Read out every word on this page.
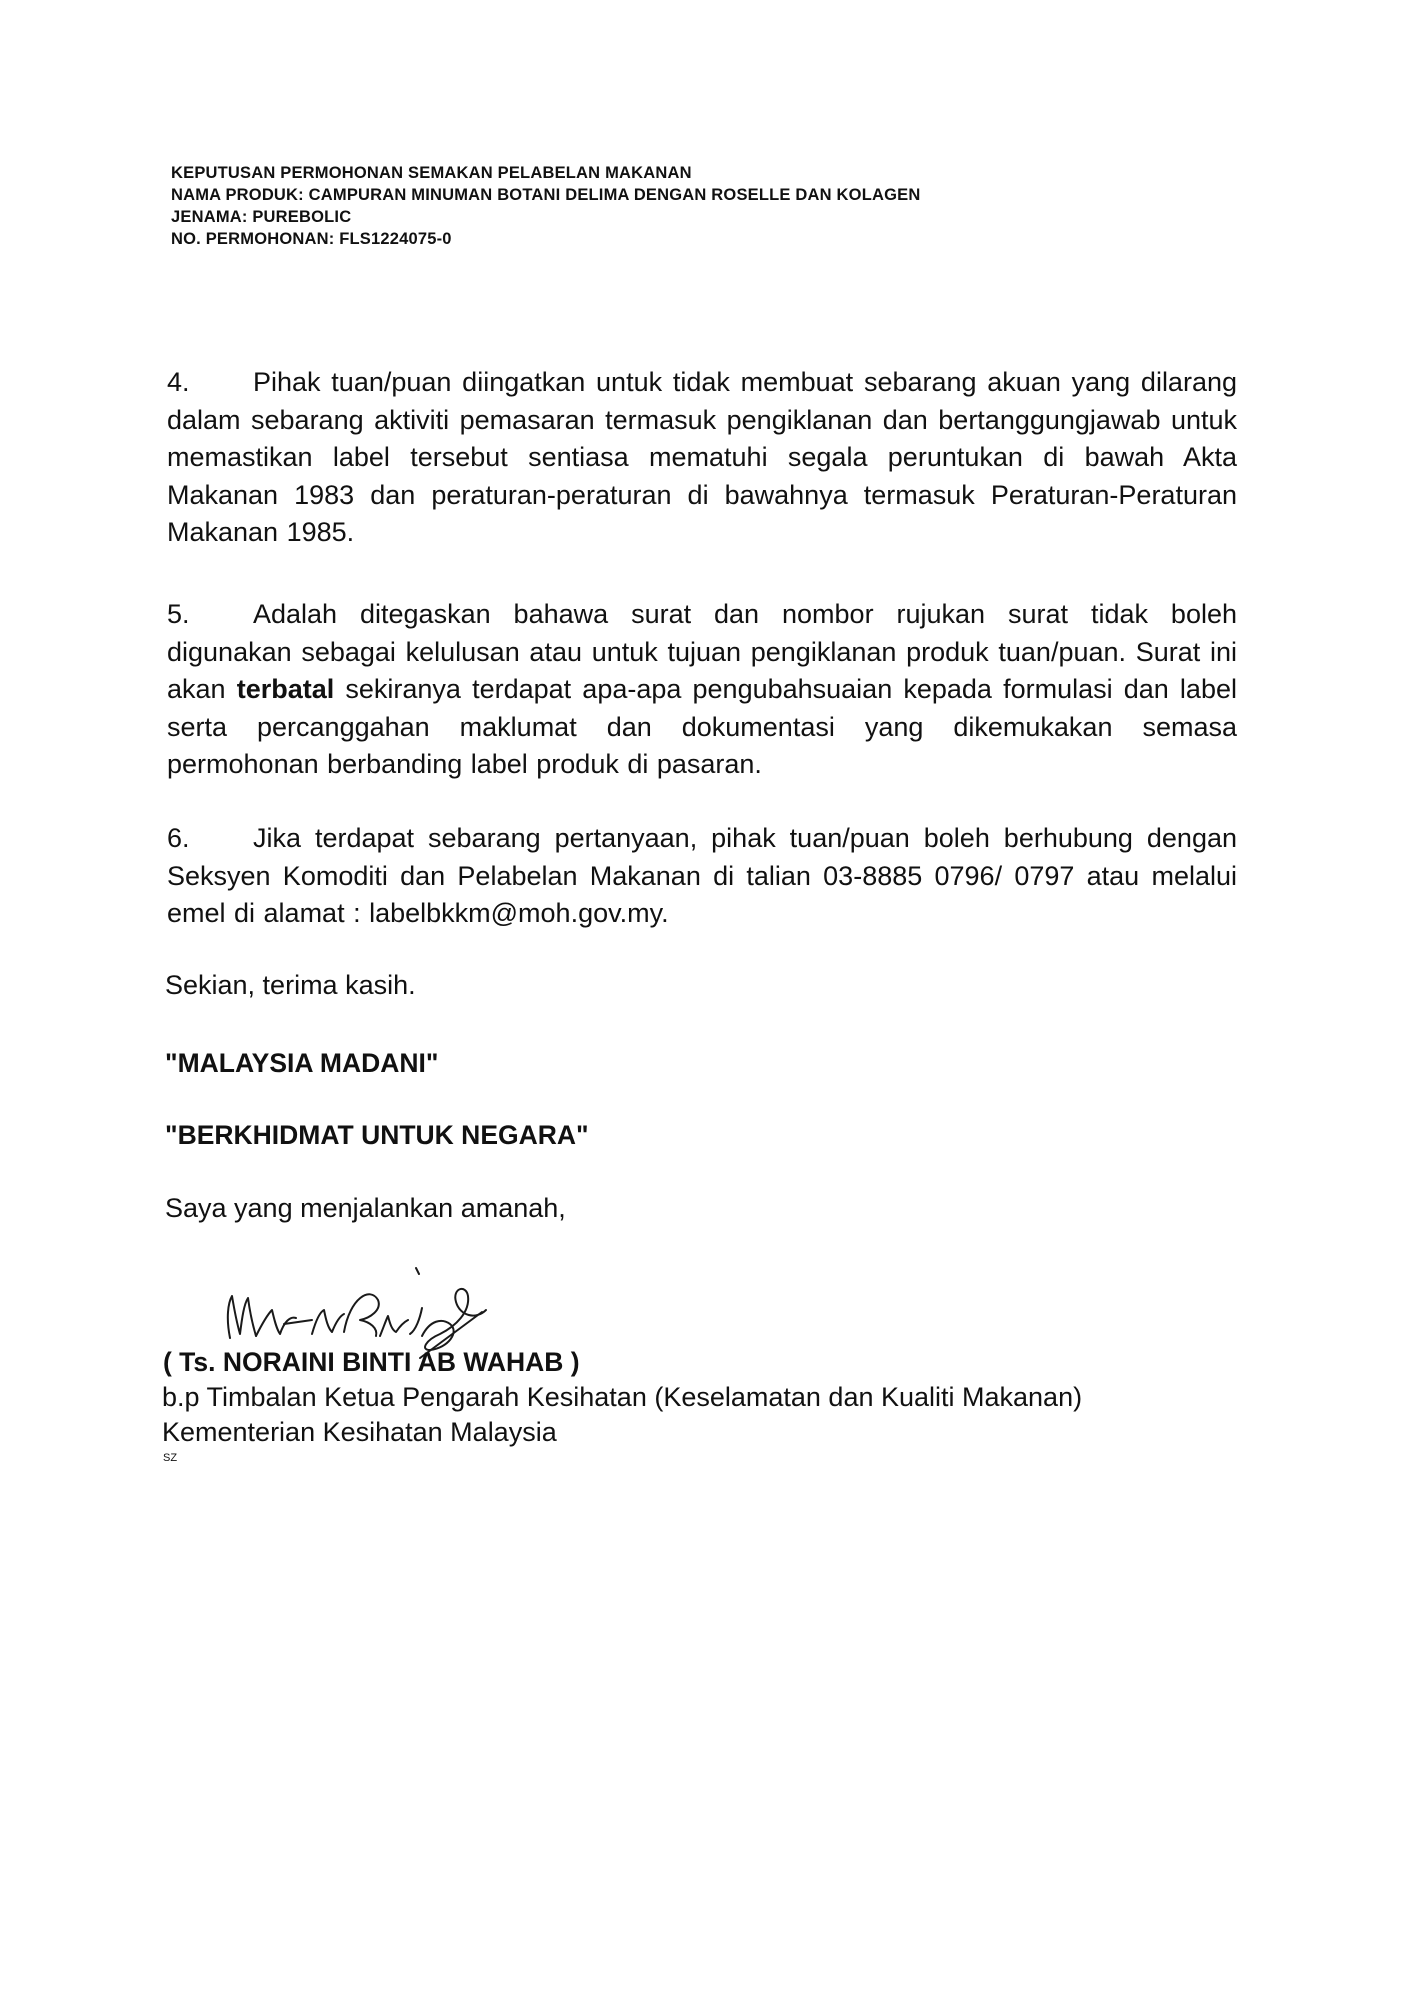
KEPUTUSAN PERMOHONAN SEMAKAN PELABELAN MAKANAN
NAMA PRODUK: CAMPURAN MINUMAN BOTANI DELIMA DENGAN ROSELLE DAN KOLAGEN
JENAMA: PUREBOLIC
NO. PERMOHONAN: FLS1224075-0
4. Pihak tuan/puan diingatkan untuk tidak membuat sebarang akuan yang dilarang dalam sebarang aktiviti pemasaran termasuk pengiklanan dan bertanggungjawab untuk memastikan label tersebut sentiasa mematuhi segala peruntukan di bawah Akta Makanan 1983 dan peraturan-peraturan di bawahnya termasuk Peraturan-Peraturan Makanan 1985.
5. Adalah ditegaskan bahawa surat dan nombor rujukan surat tidak boleh digunakan sebagai kelulusan atau untuk tujuan pengiklanan produk tuan/puan. Surat ini akan terbatal sekiranya terdapat apa-apa pengubahsuaian kepada formulasi dan label serta percanggahan maklumat dan dokumentasi yang dikemukakan semasa permohonan berbanding label produk di pasaran.
6. Jika terdapat sebarang pertanyaan, pihak tuan/puan boleh berhubung dengan Seksyen Komoditi dan Pelabelan Makanan di talian 03-8885 0796/ 0797 atau melalui emel di alamat : labelbkkm@moh.gov.my.
Sekian, terima kasih.
"MALAYSIA MADANI"
"BERKHIDMAT UNTUK NEGARA"
Saya yang menjalankan amanah,
( Ts. NORAINI BINTI AB WAHAB )
b.p Timbalan Ketua Pengarah Kesihatan (Keselamatan dan Kualiti Makanan)
Kementerian Kesihatan Malaysia
SZ
